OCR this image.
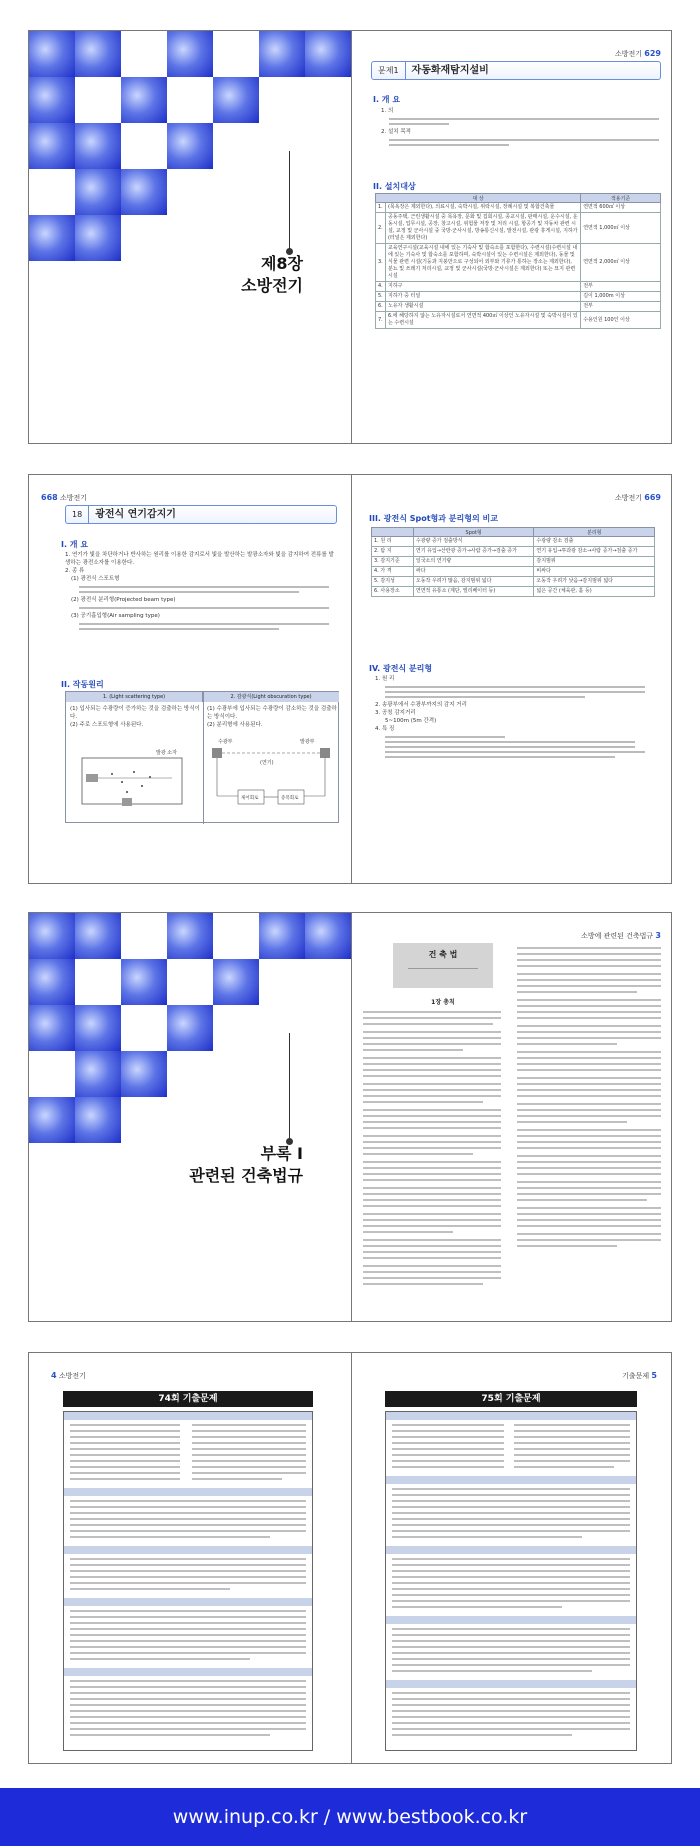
제8장
소방전기
소방전기 629
문제1 자동화재탐지설비
I. 개 요
1. 의
2. 설치 목적
II. 설치대상
대 상		적용기준
1.	(목욕장은 제외한다), 의료시설, 숙박시설, 위락시설, 장례시설 및 복합건축물	연면적 600㎡ 이상
2.	공동주택, 근린생활시설 중 목욕장, 문화 및 집회시설, 종교시설, 판매시설, 운수시설, 운동시설, 업무시설, 공장, 창고시설, 위험물 저장 및 처리 시설, 항공기 및 자동차 관련 시설, 교정 및 군사시설 중 국방·군사시설, 방송통신시설, 발전시설, 관광 휴게시설, 지하가(터널은 제외한다)	연면적 1,000㎡ 이상
3.	교육연구시설(교육시설 내에 있는 기숙사 및 합숙소를 포함한다), 수련시설(수련시설 내에 있는 기숙사 및 합숙소를 포함하며, 숙박시설이 있는 수련시설은 제외한다), 동물 및 식물 관련 시설(기둥과 지붕만으로 구성되어 외부와 기류가 통하는 장소는 제외한다), 분뇨 및 쓰레기 처리시설, 교정 및 군사시설(국방·군사시설은 제외한다) 또는 묘지 관련 시설	연면적 2,000㎡ 이상
4.	지하구	전부
5.	지하가 중 터널	길이 1,000m 이상
6.	노유자 생활시설	전부
7.	6.에 해당하지 않는 노유자시설로서 연면적 400㎡ 이상인 노유자시설 및 숙박시설이 있는 수련시설	수용인원 100인 이상
668 소방전기
18 광전식 연기감지기
I. 개 요
1. 연기가 빛을 차단하거나 반사하는 원리를 이용한 감지로서 빛을 발산하는 발광소자와 빛을 감지하여 전류를 발생하는 광전소자를 이용한다.
2. 종 류
(1) 광전식 스포트형
(2) 광전식 분리형(Projected beam type)
(3) 공기흡입형(Air sampling type)
II. 작동원리
1. (Light scattering type)	2. 감광식(Light obscuration type)
(1) 입사되는 수광량이 증가하는 것을 검출하는 방식이다.
(2) 주로 스포트형에 사용된다.
(1) 수광부에 입사되는 수광량이 감소하는 것을 검출하는 방식이다.
(2) 분리형에 사용된다.
발광 소자
수광부	발광부
(연기)
제어회로	증폭회로
소방전기 669
III. 광전식 Spot형과 분리형의 비교
	Spot형	분리형
1. 원 리	수광량 증가 검출방식	수광량 감소 검출
2. 탐 지	연기 유입→산란광 증가→사람 증가→검출 증가	연기 유입→투과광 감소→사람 증가→검출 증가
3. 감지기준	일국소의 연기량	감지범위
4. 가 격	싸다	비싸다
5. 감지성	오동작 우려가 많음, 감지범위 넓다	오동작 우려가 낮음→감지범위 넓다
6. 사용장소	연면적 유통소 (계단, 엘리베이터 등)	넓은 공간 (체육관, 홀 등)
IV. 광전식 분리형
1. 원 리
2. 송광부에서 수광부까지의 감지 거리
3. 공칭 감지거리
5~100m (5m 간격)
4. 특 징
부록 Ⅰ
관련된 건축법규
소방에 관련된 건축법규 3
건 축 법
1장 총칙
4 소방전기
74회 기출문제
기출문제 5
75회 기출문제
www.inup.co.kr / www.bestbook.co.kr
